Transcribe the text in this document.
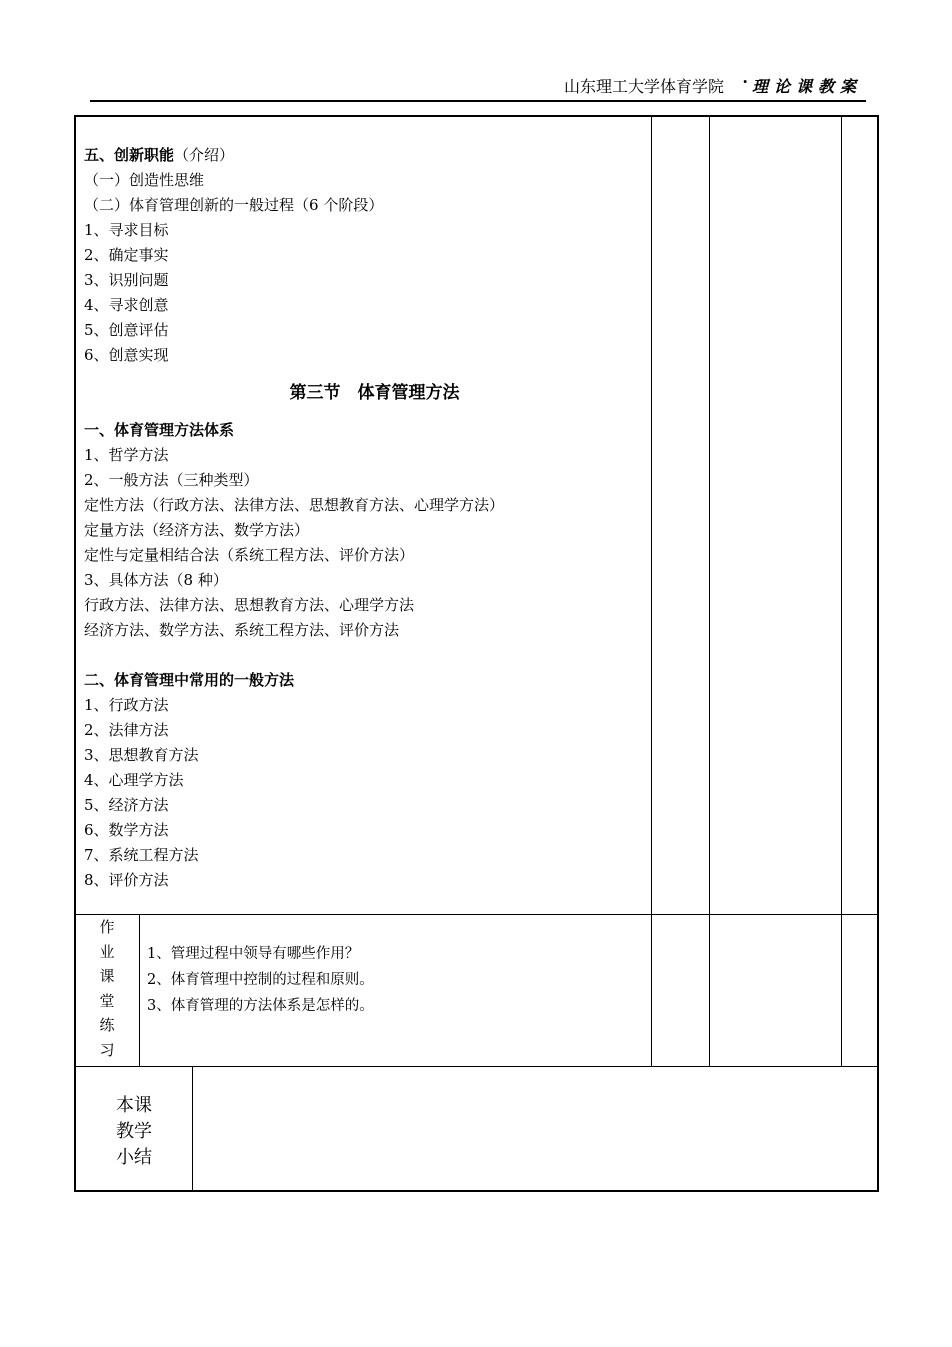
山东理工大学体育学院 · 理论课教案
五、创新职能（介绍）
（一）创造性思维
（二）体育管理创新的一般过程（6 个阶段）
1、寻求目标
2、确定事实
3、识别问题
4、寻求创意
5、创意评估
6、创意实现
第三节　体育管理方法
一、体育管理方法体系
1、哲学方法
2、一般方法（三种类型）
定性方法（行政方法、法律方法、思想教育方法、心理学方法）
定量方法（经济方法、数学方法）
定性与定量相结合法（系统工程方法、评价方法）
3、具体方法（8 种）
行政方法、法律方法、思想教育方法、心理学方法
经济方法、数学方法、系统工程方法、评价方法
二、体育管理中常用的一般方法
1、行政方法
2、法律方法
3、思想教育方法
4、心理学方法
5、经济方法
6、数学方法
7、系统工程方法
8、评价方法
作
业
课
堂
练
习
1、管理过程中领导有哪些作用？
2、体育管理中控制的过程和原则。
3、体育管理的方法体系是怎样的。
本课
教学
小结
